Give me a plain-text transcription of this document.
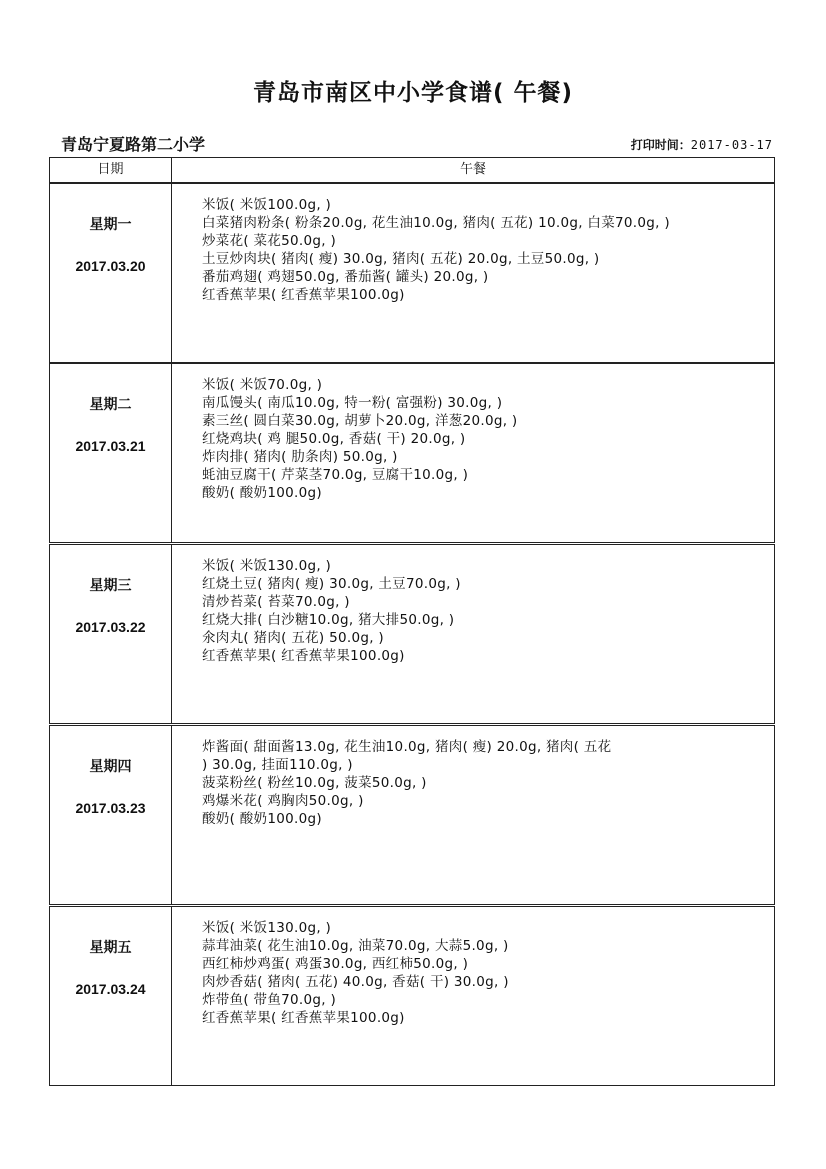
青岛市南区中小学食谱( 午餐)
青岛宁夏路第二小学	打印时间：2017-03-17
日期	午餐
星期一
2017.03.20
米饭( 米饭100.0g, )
白菜猪肉粉条( 粉条20.0g, 花生油10.0g, 猪肉( 五花) 10.0g, 白菜70.0g, )
炒菜花( 菜花50.0g, )
土豆炒肉块( 猪肉( 瘦) 30.0g, 猪肉( 五花) 20.0g, 土豆50.0g, )
番茄鸡翅( 鸡翅50.0g, 番茄酱( 罐头) 20.0g, )
红香蕉苹果( 红香蕉苹果100.0g)
星期二
2017.03.21
米饭( 米饭70.0g, )
南瓜馒头( 南瓜10.0g, 特一粉( 富强粉) 30.0g, )
素三丝( 圆白菜30.0g, 胡萝卜20.0g, 洋葱20.0g, )
红烧鸡块( 鸡 腿50.0g, 香菇( 干) 20.0g, )
炸肉排( 猪肉( 肋条肉) 50.0g, )
蚝油豆腐干( 芹菜茎70.0g, 豆腐干10.0g, )
酸奶( 酸奶100.0g)
星期三
2017.03.22
米饭( 米饭130.0g, )
红烧土豆( 猪肉( 瘦) 30.0g, 土豆70.0g, )
清炒苔菜( 苔菜70.0g, )
红烧大排( 白沙糖10.0g, 猪大排50.0g, )
氽肉丸( 猪肉( 五花) 50.0g, )
红香蕉苹果( 红香蕉苹果100.0g)
星期四
2017.03.23
炸酱面( 甜面酱13.0g, 花生油10.0g, 猪肉( 瘦) 20.0g, 猪肉( 五花
) 30.0g, 挂面110.0g, )
菠菜粉丝( 粉丝10.0g, 菠菜50.0g, )
鸡爆米花( 鸡胸肉50.0g, )
酸奶( 酸奶100.0g)
星期五
2017.03.24
米饭( 米饭130.0g, )
蒜茸油菜( 花生油10.0g, 油菜70.0g, 大蒜5.0g, )
西红柿炒鸡蛋( 鸡蛋30.0g, 西红柿50.0g, )
肉炒香菇( 猪肉( 五花) 40.0g, 香菇( 干) 30.0g, )
炸带鱼( 带鱼70.0g, )
红香蕉苹果( 红香蕉苹果100.0g)
